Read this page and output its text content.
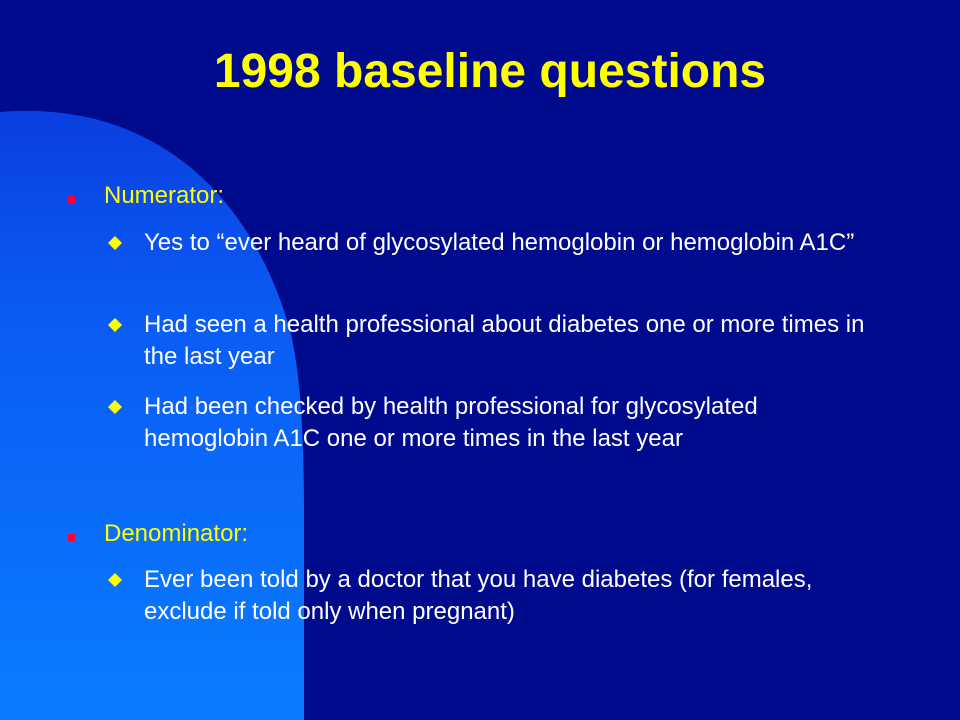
1998 baseline questions
Numerator:
Yes to “ever heard of glycosylated hemoglobin or hemoglobin A1C”
Had seen a health professional about diabetes one or more times in the last year
Had been checked by health professional for glycosylated hemoglobin A1C one or more times in the last year
Denominator:
Ever been told by a doctor that you have diabetes (for females, exclude if told only when pregnant)
